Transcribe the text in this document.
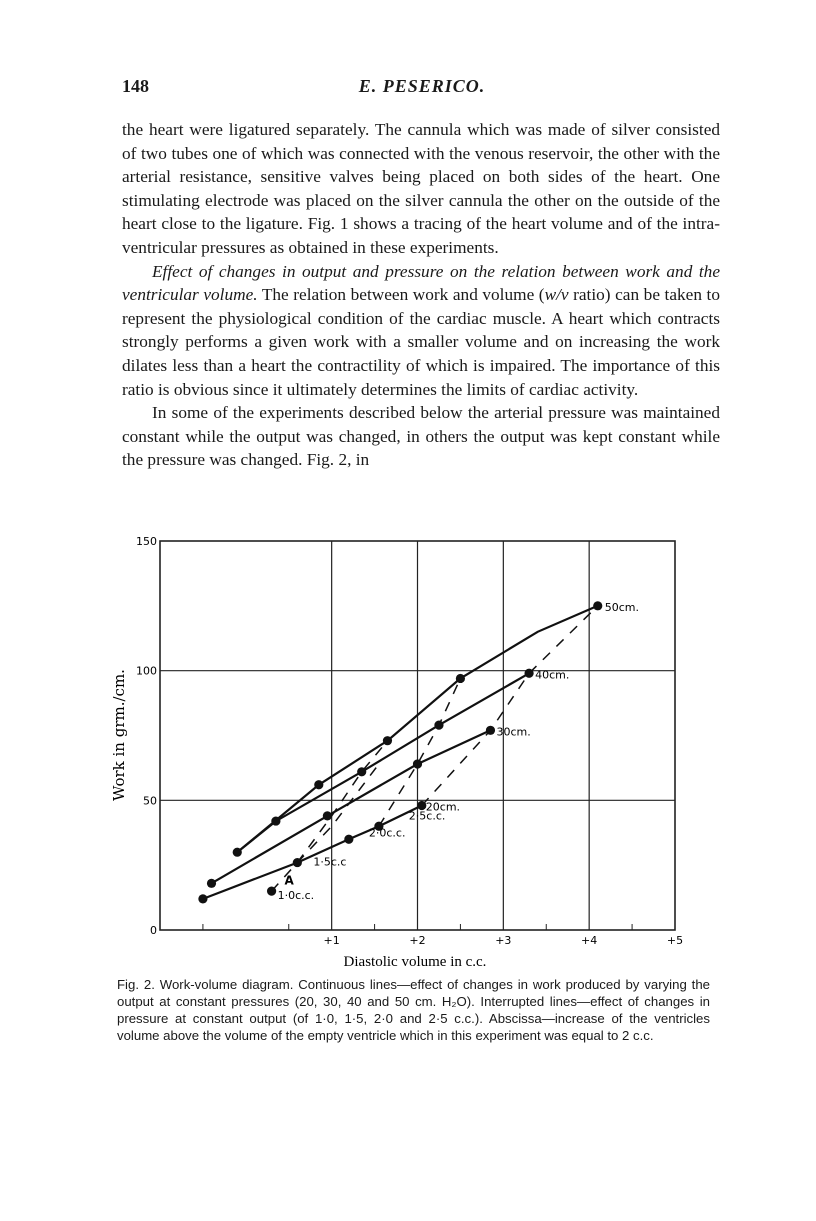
148	E. PESERICO.

the heart were ligatured separately. The cannula which was made of silver consisted of two tubes one of which was connected with the venous reservoir, the other with the arterial resistance, sensitive valves being placed on both sides of the heart. One stimulating electrode was placed on the silver cannula the other on the outside of the heart close to the ligature. Fig. 1 shows a tracing of the heart volume and of the intra-ventricular pressures as obtained in these experiments.

Effect of changes in output and pressure on the relation between work and the ventricular volume. The relation between work and volume (w/v ratio) can be taken to represent the physiological condition of the cardiac muscle. A heart which contracts strongly performs a given work with a smaller volume and on increasing the work dilates less than a heart the contractility of which is impaired. The importance of this ratio is obvious since it ultimately determines the limits of cardiac activity.

In some of the experiments described below the arterial pressure was maintained constant while the output was changed, in others the output was kept constant while the pressure was changed. Fig. 2, in

+1	+2	+3	+4	+5
0
50
100
150
20cm.
30cm.
40cm.
50cm.
1·0c.c.
1·5c.c
2·0c.c.
2·5c.c.
A
Work in grm./cm.
Diastolic volume in c.c.
Fig. 2. Work-volume diagram. Continuous lines—effect of changes in work produced by varying the output at constant pressures (20, 30, 40 and 50 cm. H₂O). Interrupted lines—effect of changes in pressure at constant output (of 1·0, 1·5, 2·0 and 2·5 c.c.). Abscissa—increase of the ventricles volume above the volume of the empty ventricle which in this experiment was equal to 2 c.c.
